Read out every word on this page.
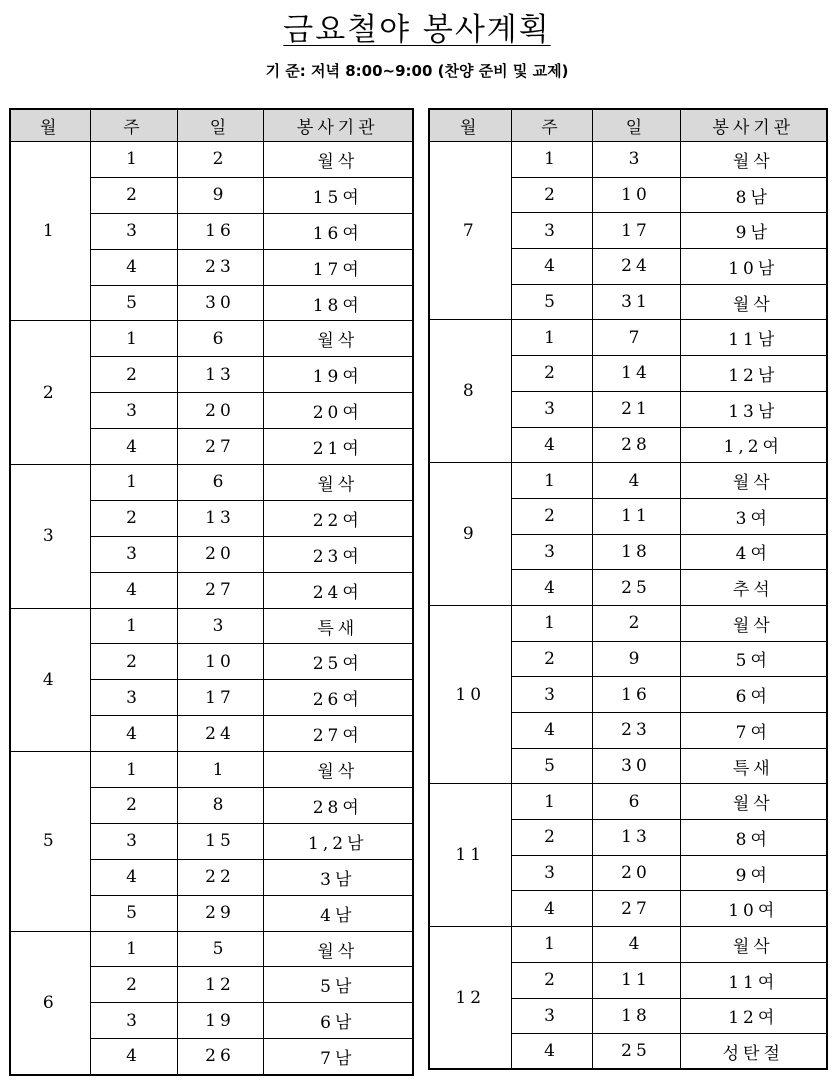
금요철야 봉사계획
기 준: 저녁 8:00~9:00 (찬양 준비 및 교제)
월	주	일	봉사기관
1	1	2	월삭
	2	9	15여
	3	16	16여
	4	23	17여
	5	30	18여
2	1	6	월삭
	2	13	19여
	3	20	20여
	4	27	21여
3	1	6	월삭
	2	13	22여
	3	20	23여
	4	27	24여
4	1	3	특새
	2	10	25여
	3	17	26여
	4	24	27여
5	1	1	월삭
	2	8	28여
	3	15	1,2남
	4	22	3남
	5	29	4남
6	1	5	월삭
	2	12	5남
	3	19	6남
	4	26	7남
월	주	일	봉사기관
7	1	3	월삭
	2	10	8남
	3	17	9남
	4	24	10남
	5	31	월삭
8	1	7	11남
	2	14	12남
	3	21	13남
	4	28	1,2여
9	1	4	월삭
	2	11	3여
	3	18	4여
	4	25	추석
10	1	2	월삭
	2	9	5여
	3	16	6여
	4	23	7여
	5	30	특새
11	1	6	월삭
	2	13	8여
	3	20	9여
	4	27	10여
12	1	4	월삭
	2	11	11여
	3	18	12여
	4	25	성탄절
